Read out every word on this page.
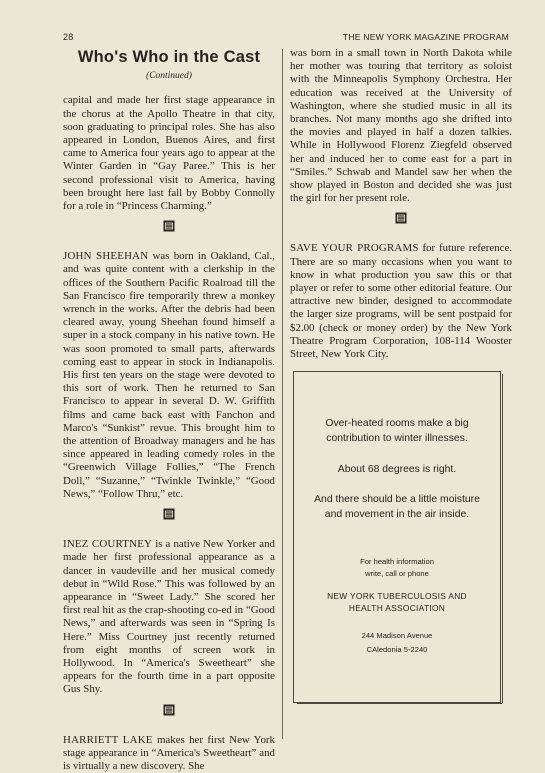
28	THE NEW YORK MAGAZINE PROGRAM
Who's Who in the Cast
(Continued)

capital and made her first stage appearance in the chorus at the Apollo Theatre in that city, soon graduating to principal roles. She has also appeared in London, Buenos Aires, and first came to America four years ago to appear at the Winter Garden in “Gay Paree.” This is her second professional visit to America, having been brought here last fall by Bobby Connolly for a role in “Princess Charming.”

JOHN SHEEHAN was born in Oakland, Cal., and was quite content with a clerkship in the offices of the Southern Pacific Roalroad till the San Francisco fire temporarily threw a monkey wrench in the works. After the debris had been cleared away, young Sheehan found himself a super in a stock company in his native town. He was soon promoted to small parts, afterwards coming east to appear in stock in Indianapolis. His first ten years on the stage were devoted to this sort of work. Then he returned to San Francisco to appear in several D. W. Griffith films and came back east with Fanchon and Marco's “Sunkist” revue. This brought him to the attention of Broadway managers and he has since appeared in leading comedy roles in the “Greenwich Village Follies,” “The French Doll,” “Suzanne,” “Twinkle Twinkle,” “Good News,” “Follow Thru,” etc.

INEZ COURTNEY is a native New Yorker and made her first professional appearance as a dancer in vaudeville and her musical comedy debut in “Wild Rose.” This was followed by an appearance in “Sweet Lady.” She scored her first real hit as the crap-shooting co-ed in “Good News,” and afterwards was seen in “Spring Is Here.” Miss Courtney just recently returned from eight months of screen work in Hollywood. In “America's Sweetheart” she appears for the fourth time in a part opposite Gus Shy.

HARRIETT LAKE makes her first New York stage appearance in “America's Sweetheart” and is virtually a new discovery. She

was born in a small town in North Dakota while her mother was touring that territory as soloist with the Minneapolis Symphony Orchestra. Her education was received at the University of Washington, where she studied music in all its branches. Not many months ago she drifted into the movies and played in half a dozen talkies. While in Hollywood Florenz Ziegfeld observed her and induced her to come east for a part in “Smiles.” Schwab and Mandel saw her when the show played in Boston and decided she was just the girl for her present role.

SAVE YOUR PROGRAMS for future reference. There are so many occasions when you want to know in what production you saw this or that player or refer to some other editorial feature. Our attractive new binder, designed to accommodate the larger size programs, will be sent postpaid for $2.00 (check or money order) by the New York Theatre Program Corporation, 108-114 Wooster Street, New York City.

Over-heated rooms make a big contribution to winter illnesses.
About 68 degrees is right.
And there should be a little moisture and movement in the air inside.
For health information
write, call or phone
NEW YORK TUBERCULOSIS AND HEALTH ASSOCIATION
244 Madison Avenue
CAledonia 5-2240
